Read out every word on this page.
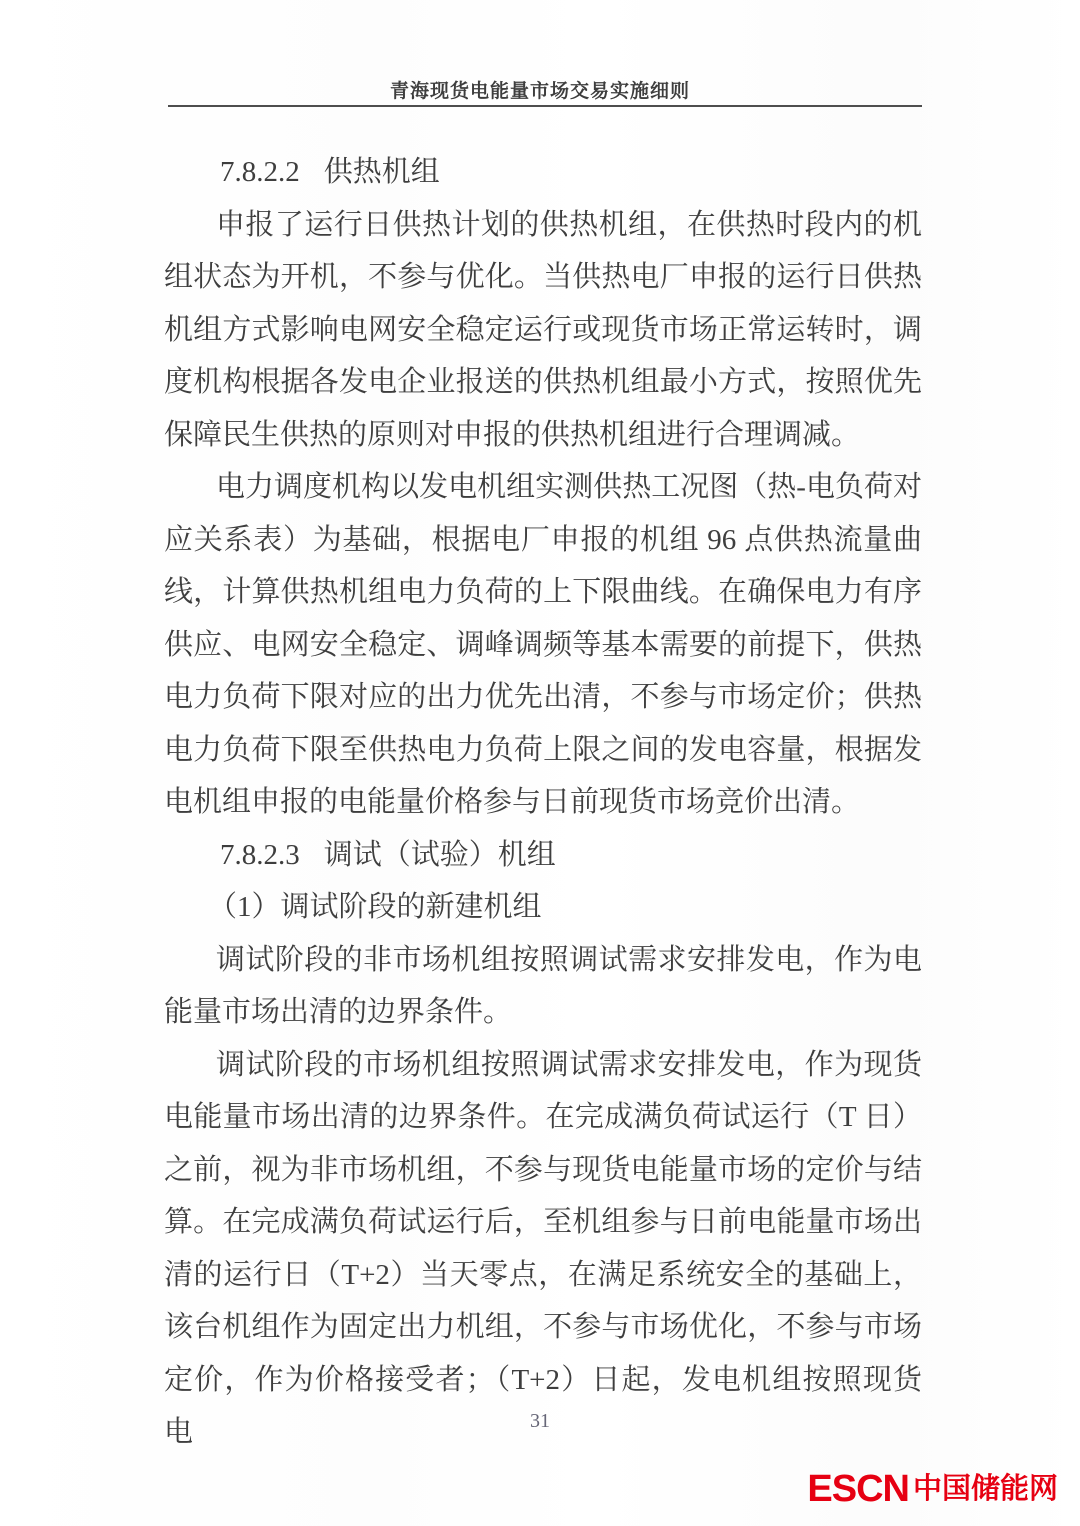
青海现货电能量市场交易实施细则
7.8.2.2 供热机组
申报了运行日供热计划的供热机组，在供热时段内的机组状态为开机，不参与优化。当供热电厂申报的运行日供热机组方式影响电网安全稳定运行或现货市场正常运转时，调度机构根据各发电企业报送的供热机组最小方式，按照优先保障民生供热的原则对申报的供热机组进行合理调减。
电力调度机构以发电机组实测供热工况图（热-电负荷对应关系表）为基础，根据电厂申报的机组 96 点供热流量曲线，计算供热机组电力负荷的上下限曲线。在确保电力有序供应、电网安全稳定、调峰调频等基本需要的前提下，供热电力负荷下限对应的出力优先出清，不参与市场定价；供热电力负荷下限至供热电力负荷上限之间的发电容量，根据发电机组申报的电能量价格参与日前现货市场竞价出清。
7.8.2.3 调试（试验）机组
（1）调试阶段的新建机组
调试阶段的非市场机组按照调试需求安排发电，作为电能量市场出清的边界条件。
调试阶段的市场机组按照调试需求安排发电，作为现货电能量市场出清的边界条件。在完成满负荷试运行（T 日）之前，视为非市场机组，不参与现货电能量市场的定价与结算。在完成满负荷试运行后，至机组参与日前电能量市场出清的运行日（T+2）当天零点，在满足系统安全的基础上，该台机组作为固定出力机组，不参与市场优化，不参与市场定价，作为价格接受者；（T+2）日起，发电机组按照现货电	31
ESCN 中国储能网
